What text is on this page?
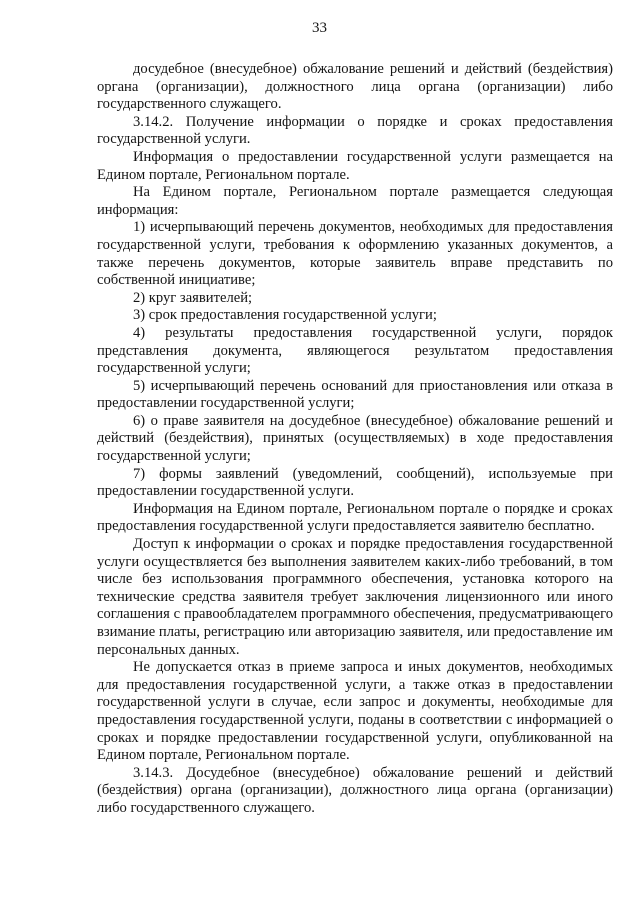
33

досудебное (внесудебное) обжалование решений и действий (бездействия) органа (организации), должностного лица органа (организации) либо государственного служащего.

3.14.2. Получение информации о порядке и сроках предоставления государственной услуги.

Информация о предоставлении государственной услуги размещается на Едином портале, Региональном портале.

На Едином портале, Региональном портале размещается следующая информация:

1) исчерпывающий перечень документов, необходимых для предоставления государственной услуги, требования к оформлению указанных документов, а также перечень документов, которые заявитель вправе представить по собственной инициативе;

2) круг заявителей;

3) срок предоставления государственной услуги;

4) результаты предоставления государственной услуги, порядок представления документа, являющегося результатом предоставления государственной услуги;

5) исчерпывающий перечень оснований для приостановления или отказа в предоставлении государственной услуги;

6) о праве заявителя на досудебное (внесудебное) обжалование решений и действий (бездействия), принятых (осуществляемых) в ходе предоставления государственной услуги;

7) формы заявлений (уведомлений, сообщений), используемые при предоставлении государственной услуги.

Информация на Едином портале, Региональном портале о порядке и сроках предоставления государственной услуги предоставляется заявителю бесплатно.

Доступ к информации о сроках и порядке предоставления государственной услуги осуществляется без выполнения заявителем каких-либо требований, в том числе без использования программного обеспечения, установка которого на технические средства заявителя требует заключения лицензионного или иного соглашения с правообладателем программного обеспечения, предусматривающего взимание платы, регистрацию или авторизацию заявителя, или предоставление им персональных данных.

Не допускается отказ в приеме запроса и иных документов, необходимых для предоставления государственной услуги, а также отказ в предоставлении государственной услуги в случае, если запрос и документы, необходимые для предоставления государственной услуги, поданы в соответствии с информацией о сроках и порядке предоставлении государственной услуги, опубликованной на Едином портале, Региональном портале.

3.14.3. Досудебное (внесудебное) обжалование решений и действий (бездействия) органа (организации), должностного лица органа (организации) либо государственного служащего.
